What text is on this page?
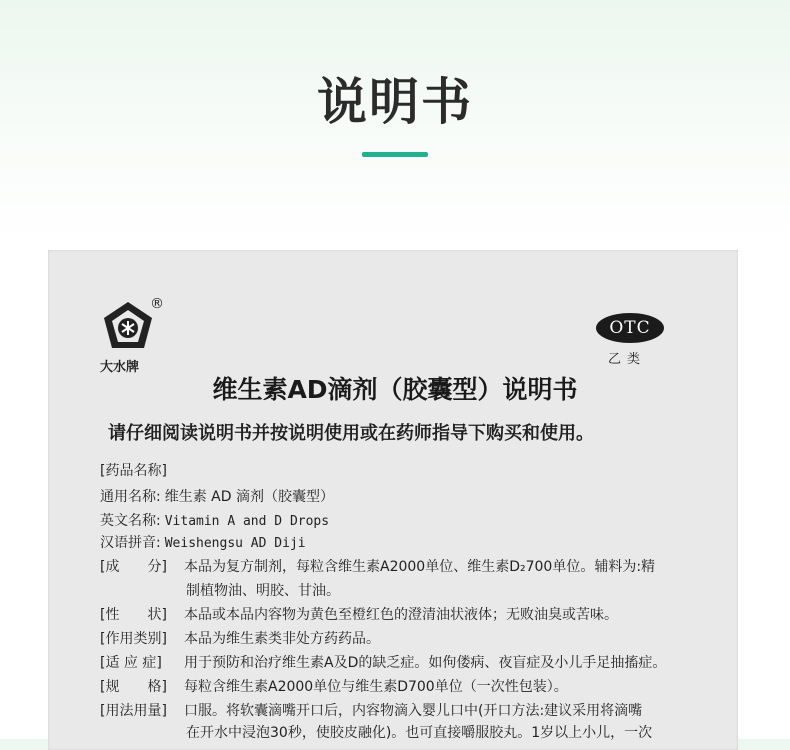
说明书
®
大水牌
OTC
乙类
维生素AD滴剂（胶囊型）说明书
请仔细阅读说明书并按说明使用或在药师指导下购买和使用。
[药品名称]
通用名称: 维生素 AD 滴剂（胶囊型）
英文名称: Vitamin A and D Drops
汉语拼音: Weishengsu AD Diji
[成　　分] 本品为复方制剂，每粒含维生素A2000单位、维生素D₂700单位。辅料为:精
制植物油、明胶、甘油。
[性　　状] 本品或本品内容物为黄色至橙红色的澄清油状液体；无败油臭或苦味。
[作用类别] 本品为维生素类非处方药药品。
[适 应 症] 用于预防和治疗维生素A及D的缺乏症。如佝偻病、夜盲症及小儿手足抽搐症。
[规　　格] 每粒含维生素A2000单位与维生素D700单位（一次性包装）。
[用法用量] 口服。将软囊滴嘴开口后，内容物滴入婴儿口中(开口方法:建议采用将滴嘴
在开水中浸泡30秒，使胶皮融化)。也可直接嚼服胶丸。1岁以上小儿，一次
